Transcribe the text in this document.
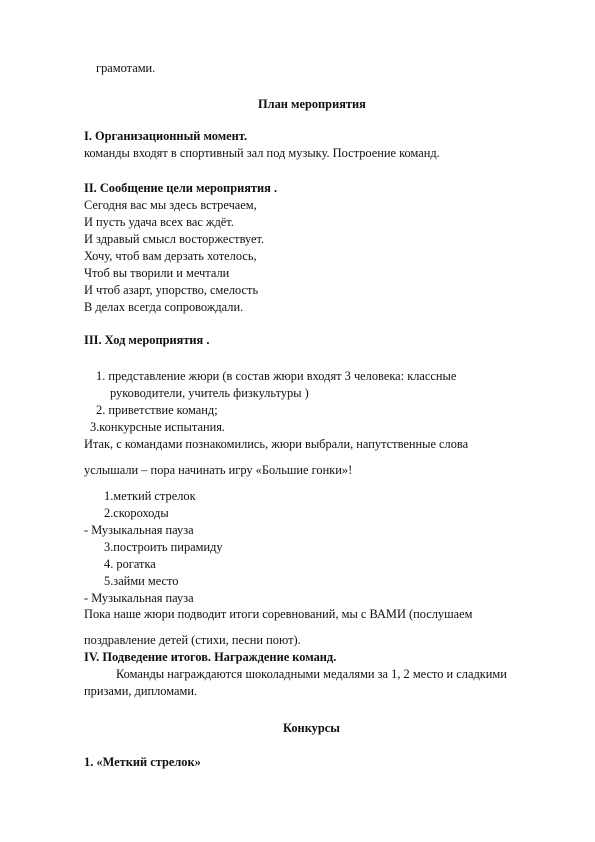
грамотами.
План мероприятия
I. Организационный момент.
команды входят в спортивный зал под музыку. Построение команд.
II. Сообщение цели мероприятия .
Сегодня вас мы здесь встречаем,
И пусть удача всех вас ждёт.
И здравый смысл восторжествует.
Хочу, чтоб вам дерзать хотелось,
Чтоб вы творили и мечтали
И чтоб азарт, упорство, смелость
В делах всегда сопровождали.
III. Ход мероприятия .
1. представление жюри (в состав жюри входят 3 человека: классные
руководители, учитель физкультуры )
2. приветствие команд;
3.конкурсные испытания.
Итак, с командами познакомились, жюри выбрали, напутственные слова
услышали – пора начинать игру «Большие гонки»!
1.меткий стрелок
2.скороходы
- Музыкальная пауза
3.построить пирамиду
4. рогатка
5.займи место
- Музыкальная пауза
Пока наше жюри подводит итоги соревнований, мы с ВАМИ (послушаем
поздравление детей (стихи, песни поют).
IV. Подведение итогов. Награждение команд.
Команды награждаются шоколадными медалями за 1, 2 место и сладкими
призами, дипломами.
Конкурсы
1. «Меткий стрелок»
